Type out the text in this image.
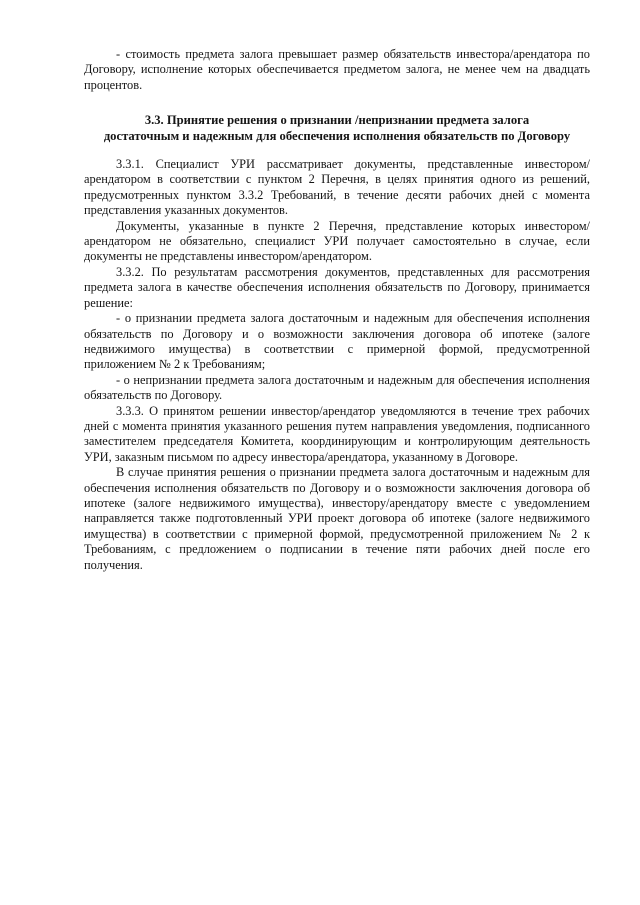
- стоимость предмета залога превышает размер обязательств инвестора/арендатора по Договору, исполнение которых обеспечивается предметом залога, не менее чем на двадцать процентов.

3.3. Принятие решения о признании /непризнании предмета залога
достаточным и надежным для обеспечения исполнения обязательств по Договору

3.3.1. Специалист УРИ рассматривает документы, представленные инвестором/арендатором в соответствии с пунктом 2 Перечня, в целях принятия одного из решений, предусмотренных пунктом 3.3.2 Требований, в течение десяти рабочих дней с момента представления указанных документов.

Документы, указанные в пункте 2 Перечня, представление которых инвестором/арендатором не обязательно, специалист УРИ получает самостоятельно в случае, если документы не представлены инвестором/арендатором.

3.3.2. По результатам рассмотрения документов, представленных для рассмотрения предмета залога в качестве обеспечения исполнения обязательств по Договору, принимается решение:

- о признании предмета залога достаточным и надежным для обеспечения исполнения обязательств по Договору и о возможности заключения договора об ипотеке (залоге недвижимого имущества) в соответствии с примерной формой, предусмотренной приложением № 2 к Требованиям;

- о непризнании предмета залога достаточным и надежным для обеспечения исполнения обязательств по Договору.

3.3.3. О принятом решении инвестор/арендатор уведомляются в течение трех рабочих дней с момента принятия указанного решения путем направления уведомления, подписанного заместителем председателя Комитета, координирующим и контролирующим деятельность УРИ, заказным письмом по адресу инвестора/арендатора, указанному в Договоре.

В случае принятия решения о признании предмета залога достаточным и надежным для обеспечения исполнения обязательств по Договору и о возможности заключения договора об ипотеке (залоге недвижимого имущества), инвестору/арендатору вместе с уведомлением направляется также подготовленный УРИ проект договора об ипотеке (залоге недвижимого имущества) в соответствии с примерной формой, предусмотренной приложением № 2 к Требованиям, с предложением о подписании в течение пяти рабочих дней после его получения.
